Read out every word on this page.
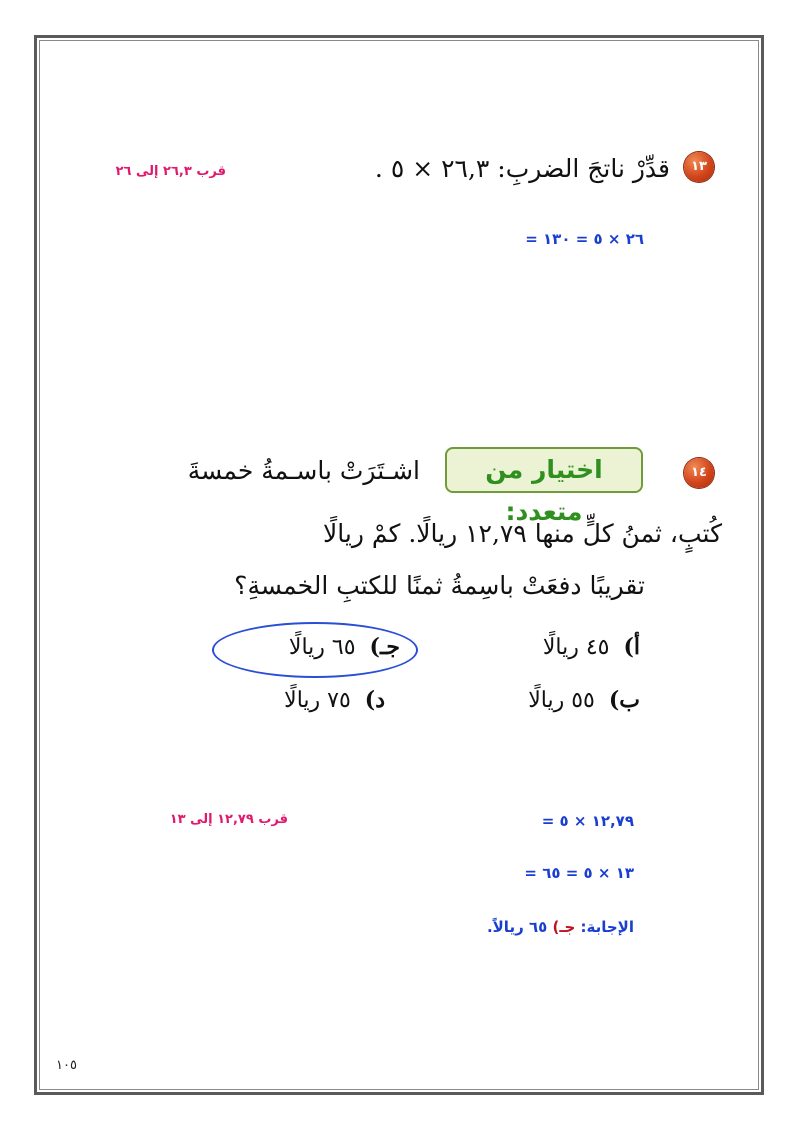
١٣
قدِّرْ ناتجَ الضربِ: ٢٦,٣ × ٥ .
قرب ٢٦,٣ إلى ٢٦
= ٢٦ × ٥ = ١٣٠
١٤
اختيار من متعدد:
اشـتَرَتْ باسـمةُ خمسةَ
كُتبٍ، ثمنُ كلٍّ منها ١٢,٧٩ ريالًا. كمْ ريالًا
تقريبًا دفعَتْ باسِمةُ ثمنًا للكتبِ الخمسةِ؟
أ)٤٥ ريالًا
جـ)٦٥ ريالًا
ب)٥٥ ريالًا
د)٧٥ ريالًا
قرب ١٢,٧٩ إلى ١٣	= ١٢,٧٩ × ٥
= ١٣ × ٥ = ٦٥
الإجابة: جـ) ٦٥ ريالاً.
١٠٥
